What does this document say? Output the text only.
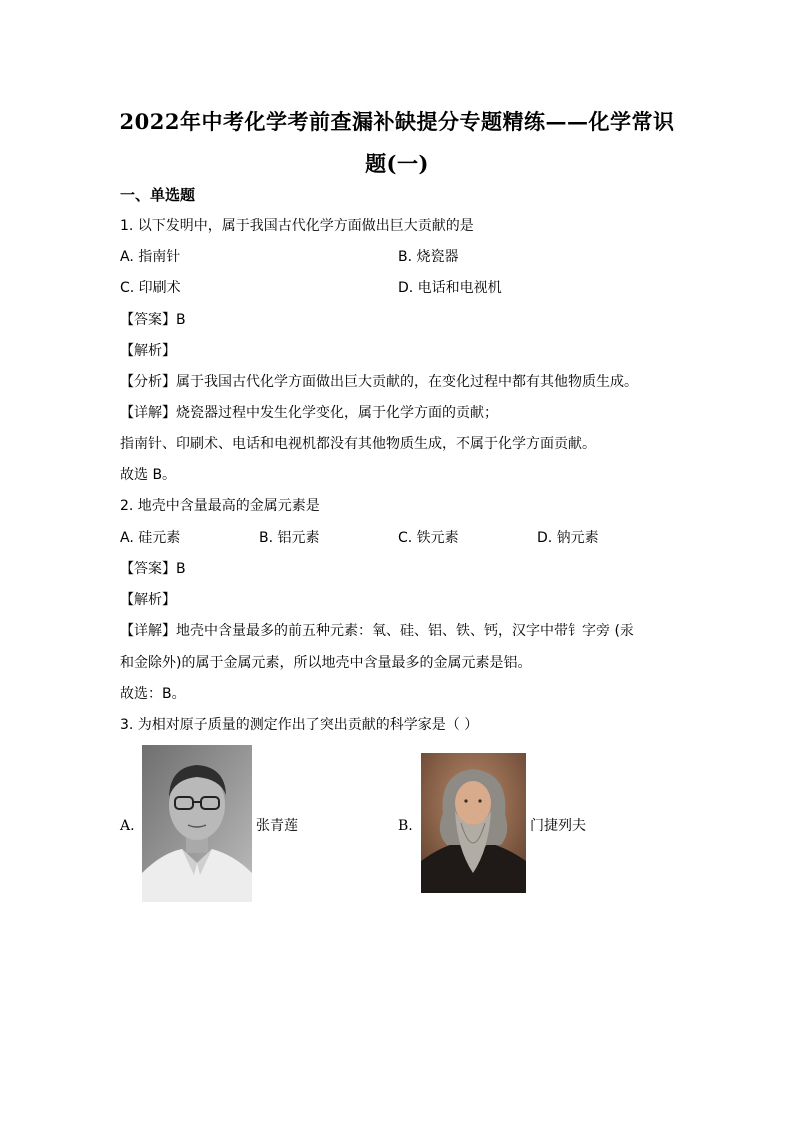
2022年中考化学考前查漏补缺提分专题精练——化学常识
题(一)
一、单选题
1. 以下发明中，属于我国古代化学方面做出巨大贡献的是
A. 指南针	B. 烧瓷器
C. 印刷术	D. 电话和电视机
【答案】B
【解析】
【分析】属于我国古代化学方面做出巨大贡献的，在变化过程中都有其他物质生成。
【详解】烧瓷器过程中发生化学变化，属于化学方面的贡献；
指南针、印刷术、电话和电视机都没有其他物质生成，不属于化学方面贡献。
故选 B。
2. 地壳中含量最高的金属元素是
A. 硅元素	B. 铝元素	C. 铁元素	D. 钠元素
【答案】B
【解析】
【详解】地壳中含量最多的前五种元素：氧、硅、铝、铁、钙，汉字中带钅字旁 (汞
和金除外)的属于金属元素，所以地壳中含量最多的金属元素是铝。
故选：B。
3. 为相对原子质量的测定作出了突出贡献的科学家是（ ）
A.	张青莲	B.	门捷列夫
